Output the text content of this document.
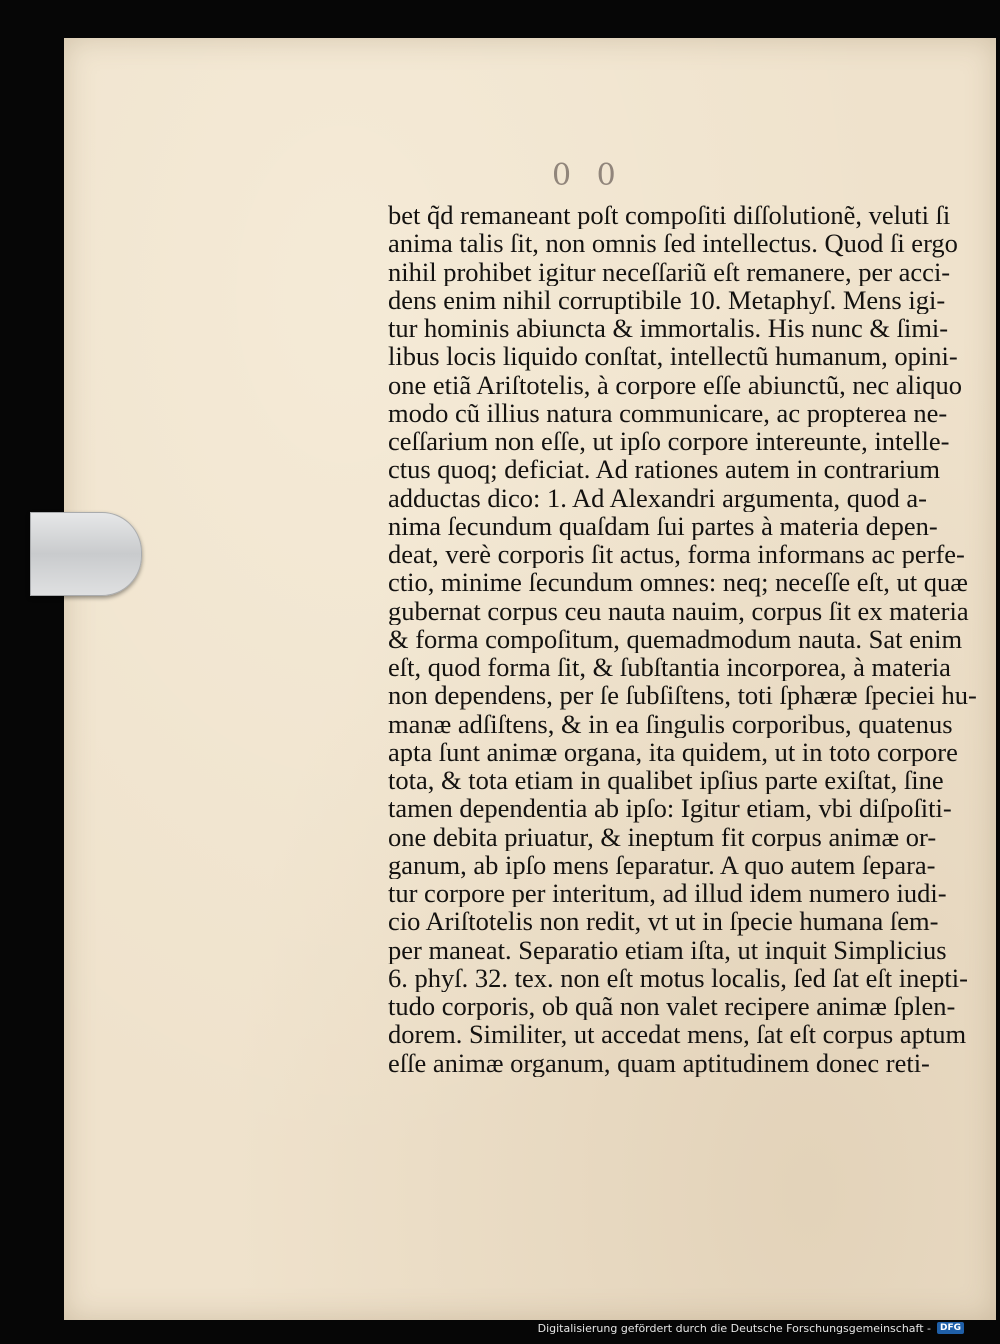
0 0
bet q̃d remaneant poſt compoſiti diſſolutionẽ, veluti ſi
anima talis ſit, non omnis ſed intellectus. Quod ſi ergo
nihil prohibet igitur neceſſariũ eſt remanere, per acci-
dens enim nihil corruptibile 10. Metaphyſ. Mens igi-
tur hominis abiuncta & immortalis. His nunc & ſimi-
libus locis liquido conſtat, intellectũ humanum, opini-
one etiã Ariſtotelis, à corpore eſſe abiunctũ, nec aliquo
modo cũ illius natura communicare, ac propterea ne-
ceſſarium non eſſe, ut ipſo corpore intereunte, intelle-
ctus quoq; deficiat. Ad rationes autem in contrarium
adductas dico: 1. Ad Alexandri argumenta, quod a-
nima ſecundum quaſdam ſui partes à materia depen-
deat, verè corporis ſit actus, forma informans ac perfe-
ctio, minime ſecundum omnes: neq; neceſſe eſt, ut quæ
gubernat corpus ceu nauta nauim, corpus ſit ex materia
& forma compoſitum, quemadmodum nauta. Sat enim
eſt, quod forma ſit, & ſubſtantia incorporea, à materia
non dependens, per ſe ſubſiſtens, toti ſphæræ ſpeciei hu-
manæ adſiſtens, & in ea ſingulis corporibus, quatenus
apta ſunt animæ organa, ita quidem, ut in toto corpore
tota, & tota etiam in qualibet ipſius parte exiſtat, ſine
tamen dependentia ab ipſo: Igitur etiam, vbi diſpoſiti-
one debita priuatur, & ineptum fit corpus animæ or-
ganum, ab ipſo mens ſeparatur. A quo autem ſepara-
tur corpore per interitum, ad illud idem numero iudi-
cio Ariſtotelis non redit, vt ut in ſpecie humana ſem-
per maneat. Separatio etiam iſta, ut inquit Simplicius
6. phyſ. 32. tex. non eſt motus localis, ſed ſat eſt inepti-
tudo corporis, ob quã non valet recipere animæ ſplen-
dorem. Similiter, ut accedat mens, ſat eſt corpus aptum
eſſe animæ organum, quam aptitudinem donec reti-
Digitalisierung gefördert durch die Deutsche Forschungsgemeinschaft -	DFG
